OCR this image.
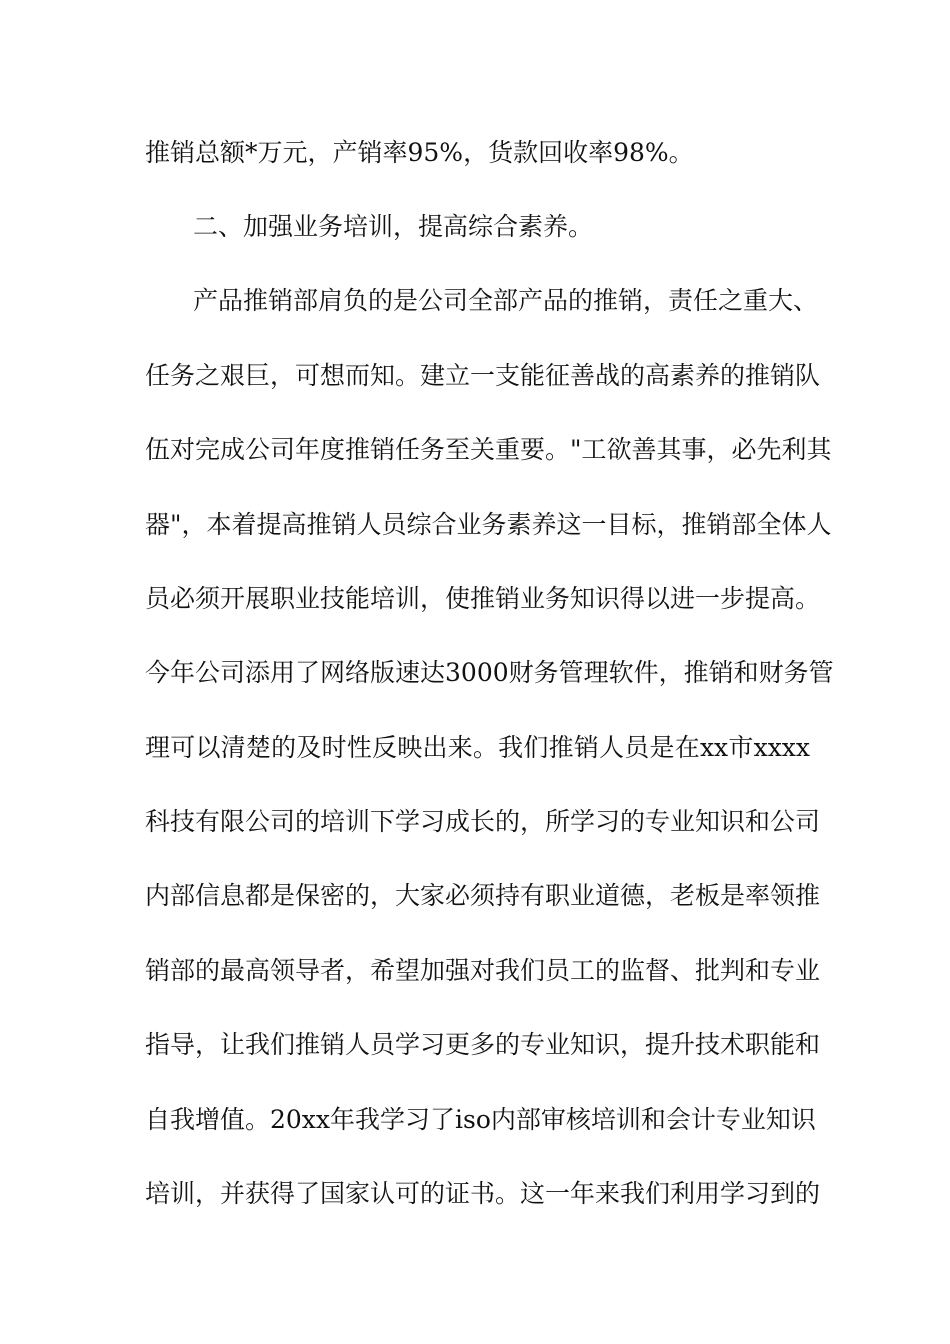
推销总额*万元，产销率95%，货款回收率98%。
二、加强业务培训，提高综合素养。
产品推销部肩负的是公司全部产品的推销，责任之重大、
任务之艰巨，可想而知。建立一支能征善战的高素养的推销队
伍对完成公司年度推销任务至关重要。"工欲善其事，必先利其
器"，本着提高推销人员综合业务素养这一目标，推销部全体人
员必须开展职业技能培训，使推销业务知识得以进一步提高。
今年公司添用了网络版速达3000财务管理软件，推销和财务管
理可以清楚的及时性反映出来。我们推销人员是在xx市xxxx
科技有限公司的培训下学习成长的，所学习的专业知识和公司
内部信息都是保密的，大家必须持有职业道德，老板是率领推
销部的最高领导者，希望加强对我们员工的监督、批判和专业
指导，让我们推销人员学习更多的专业知识，提升技术职能和
自我增值。20xx年我学习了iso内部审核培训和会计专业知识
培训，并获得了国家认可的证书。这一年来我们利用学习到的
